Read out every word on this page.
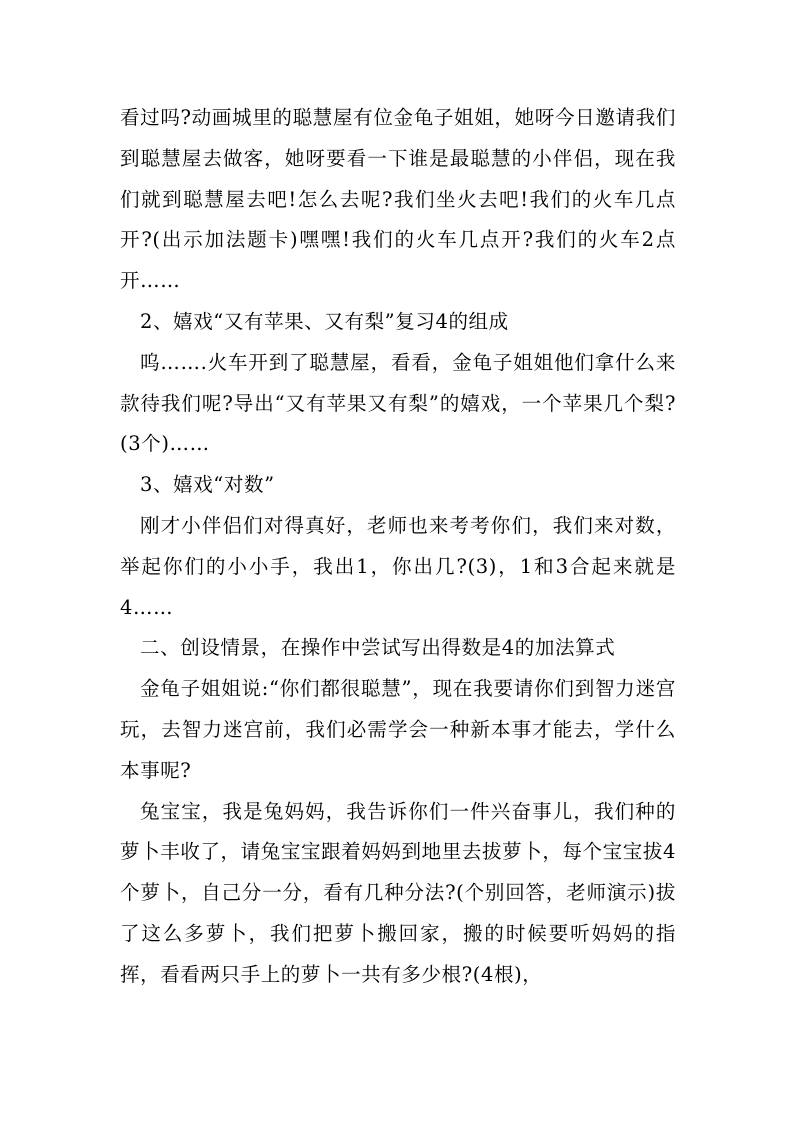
看过吗?动画城里的聪慧屋有位金龟子姐姐，她呀今日邀请我们到聪慧屋去做客，她呀要看一下谁是最聪慧的小伴侣，现在我们就到聪慧屋去吧!怎么去呢?我们坐火去吧!我们的火车几点开?(出示加法题卡)嘿嘿!我们的火车几点开?我们的火车2点开……

2、嬉戏“又有苹果、又有梨”复习4的组成

呜…….火车开到了聪慧屋，看看，金龟子姐姐他们拿什么来款待我们呢?导出“又有苹果又有梨”的嬉戏，一个苹果几个梨?(3个)……

3、嬉戏“对数”

刚才小伴侣们对得真好，老师也来考考你们，我们来对数，举起你们的小小手，我出1，你出几?(3)，1和3合起来就是4……

二、创设情景，在操作中尝试写出得数是4的加法算式

金龟子姐姐说:“你们都很聪慧”，现在我要请你们到智力迷宫玩，去智力迷宫前，我们必需学会一种新本事才能去，学什么本事呢?

兔宝宝，我是兔妈妈，我告诉你们一件兴奋事儿，我们种的萝卜丰收了，请兔宝宝跟着妈妈到地里去拔萝卜，每个宝宝拔4个萝卜，自己分一分，看有几种分法?(个别回答，老师演示)拔了这么多萝卜，我们把萝卜搬回家，搬的时候要听妈妈的指挥，看看两只手上的萝卜一共有多少根?(4根)，
